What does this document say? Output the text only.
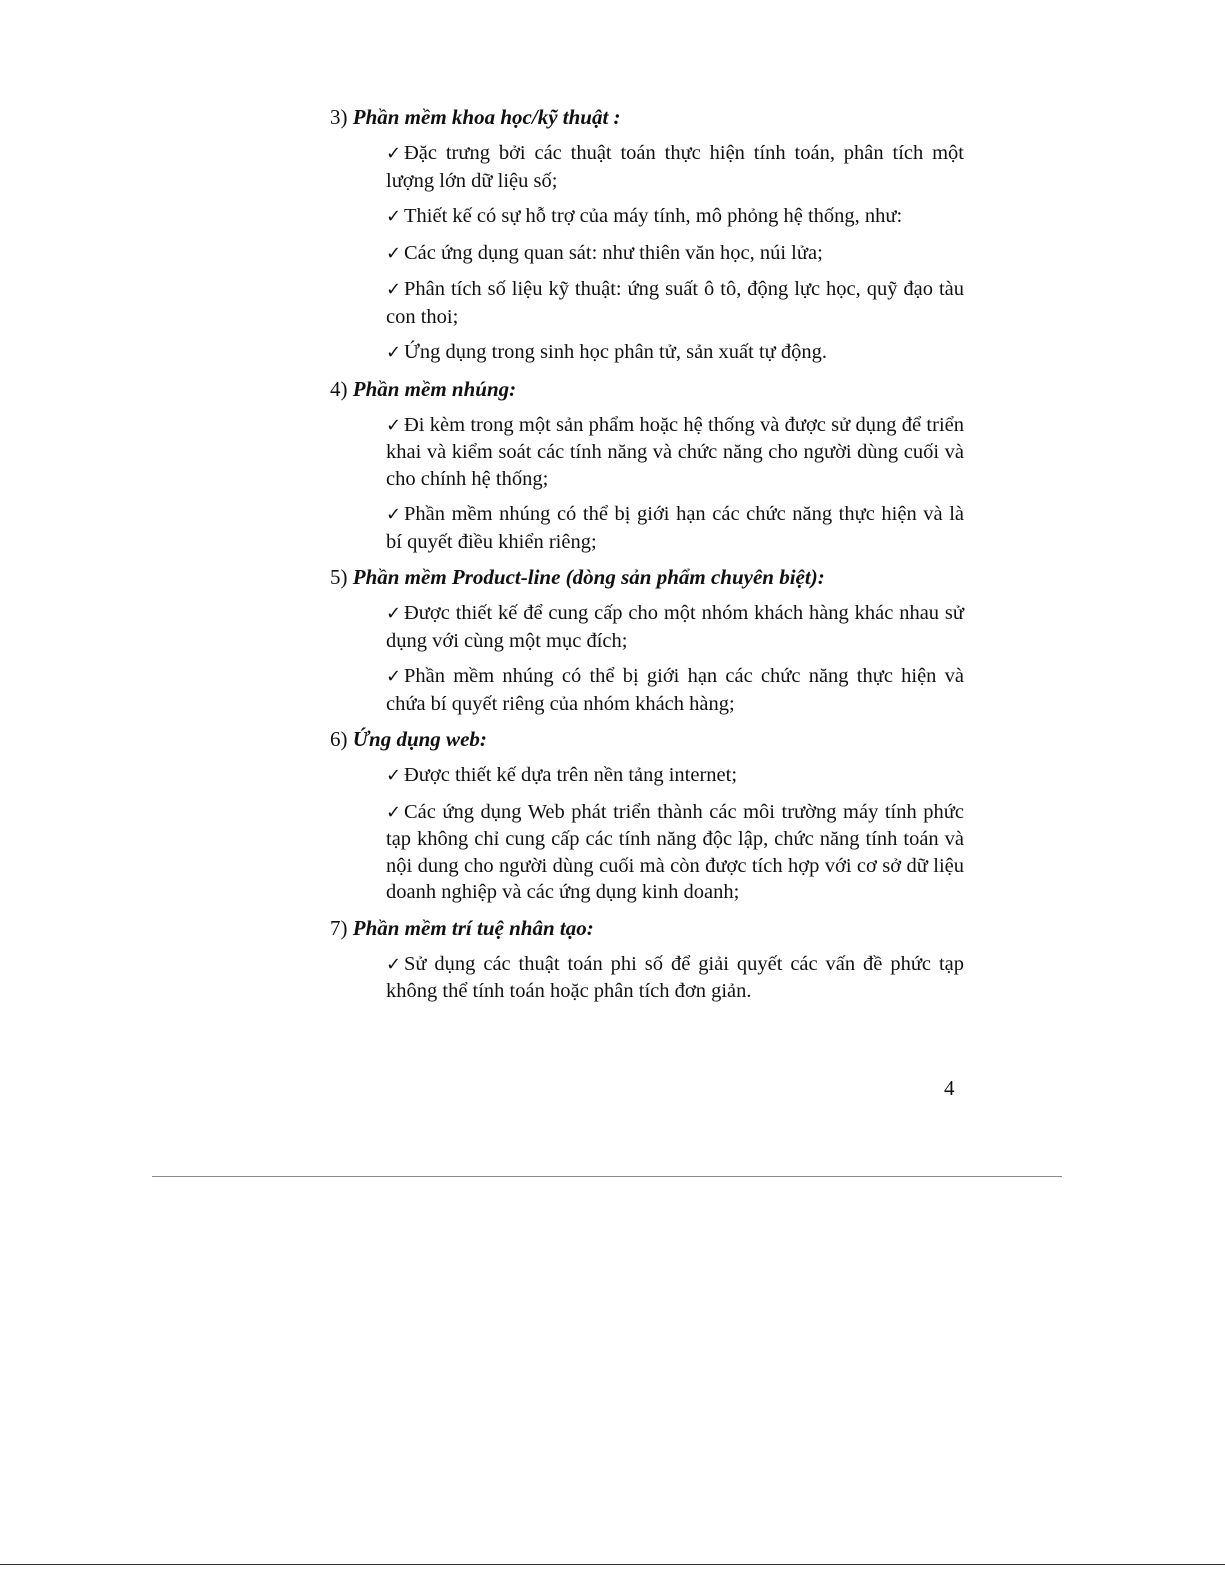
3) Phần mềm khoa học/kỹ thuật :
✓ Đặc trưng bởi các thuật toán thực hiện tính toán, phân tích một lượng lớn dữ liệu số;
✓ Thiết kế có sự hỗ trợ của máy tính, mô phỏng hệ thống, như:
✓ Các ứng dụng quan sát: như thiên văn học, núi lửa;
✓ Phân tích số liệu kỹ thuật: ứng suất ô tô, động lực học, quỹ đạo tàu con thoi;
✓ Ứng dụng trong sinh học phân tử, sản xuất tự động.
4) Phần mềm nhúng:
✓ Đi kèm trong một sản phẩm hoặc hệ thống và được sử dụng để triển khai và kiểm soát các tính năng và chức năng cho người dùng cuối và cho chính hệ thống;
✓ Phần mềm nhúng có thể bị giới hạn các chức năng thực hiện và là bí quyết điều khiển riêng;
5) Phần mềm Product-line (dòng sản phẩm chuyên biệt):
✓ Được thiết kế để cung cấp cho một nhóm khách hàng khác nhau sử dụng với cùng một mục đích;
✓ Phần mềm nhúng có thể bị giới hạn các chức năng thực hiện và chứa bí quyết riêng của nhóm khách hàng;
6) Ứng dụng web:
✓ Được thiết kế dựa trên nền tảng internet;
✓ Các ứng dụng Web phát triển thành các môi trường máy tính phức tạp không chỉ cung cấp các tính năng độc lập, chức năng tính toán và nội dung cho người dùng cuối mà còn được tích hợp với cơ sở dữ liệu doanh nghiệp và các ứng dụng kinh doanh;
7) Phần mềm trí tuệ nhân tạo:
✓ Sử dụng các thuật toán phi số để giải quyết các vấn đề phức tạp không thể tính toán hoặc phân tích đơn giản.
4
